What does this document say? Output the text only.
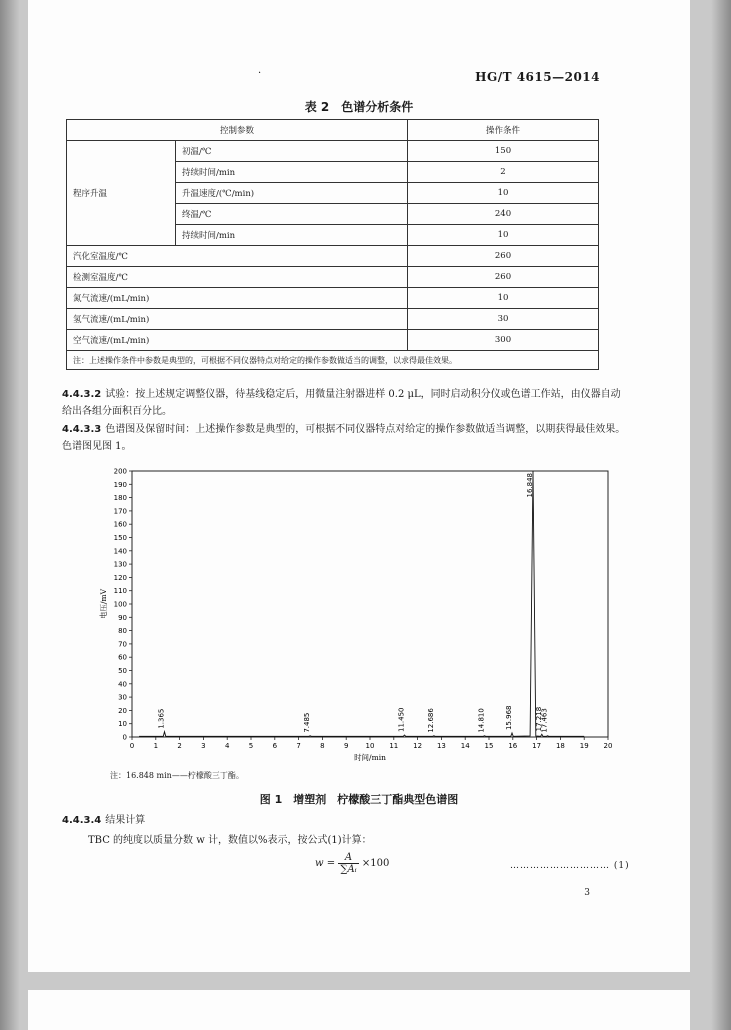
·	HG/T 4615—2014
表 2　色谱分析条件
控制参数		操作条件
程序升温	初温/℃	150
	持续时间/min	2
	升温速度/(℃/min)	10
	终温/℃	240
	持续时间/min	10
汽化室温度/℃		260
检测室温度/℃		260
氮气流速/(mL/min)		10
氢气流速/(mL/min)		30
空气流速/(mL/min)		300
注：上述操作条件中参数是典型的，可根据不同仪器特点对给定的操作参数做适当的调整，以求得最佳效果。		
4.4.3.2 试验：按上述规定调整仪器，待基线稳定后，用微量注射器进样 0.2 μL，同时启动积分仪或色谱工作站，由仪器自动给出各组分面积百分比。
4.4.3.3 色谱图及保留时间：上述操作参数是典型的，可根据不同仪器特点对给定的操作参数做适当调整，以期获得最佳效果。色谱图见图 1。
0	1	2	3	4	5	6	7	8	9 10 11 12 13 14 15 16 17 18 19 20
0
10
20
30
40
50
60
70
80
90
100
110
120
130
140
150
160
170
180
190
200
时间/min
电压/mV
1.365	7.485	11.450	12.686	14.810	15.968
16.848
17.218
17.463
注：16.848 min——柠檬酸三丁酯。
图 1　增塑剂　柠檬酸三丁酯典型色谱图
4.4.3.4 结果计算
TBC 的纯度以质量分数 w 计，数值以%表示，按公式(1)计算：
$w = \frac{A}{\text{∑Aᵢ}} \times 100$	………………………… (1)
3
